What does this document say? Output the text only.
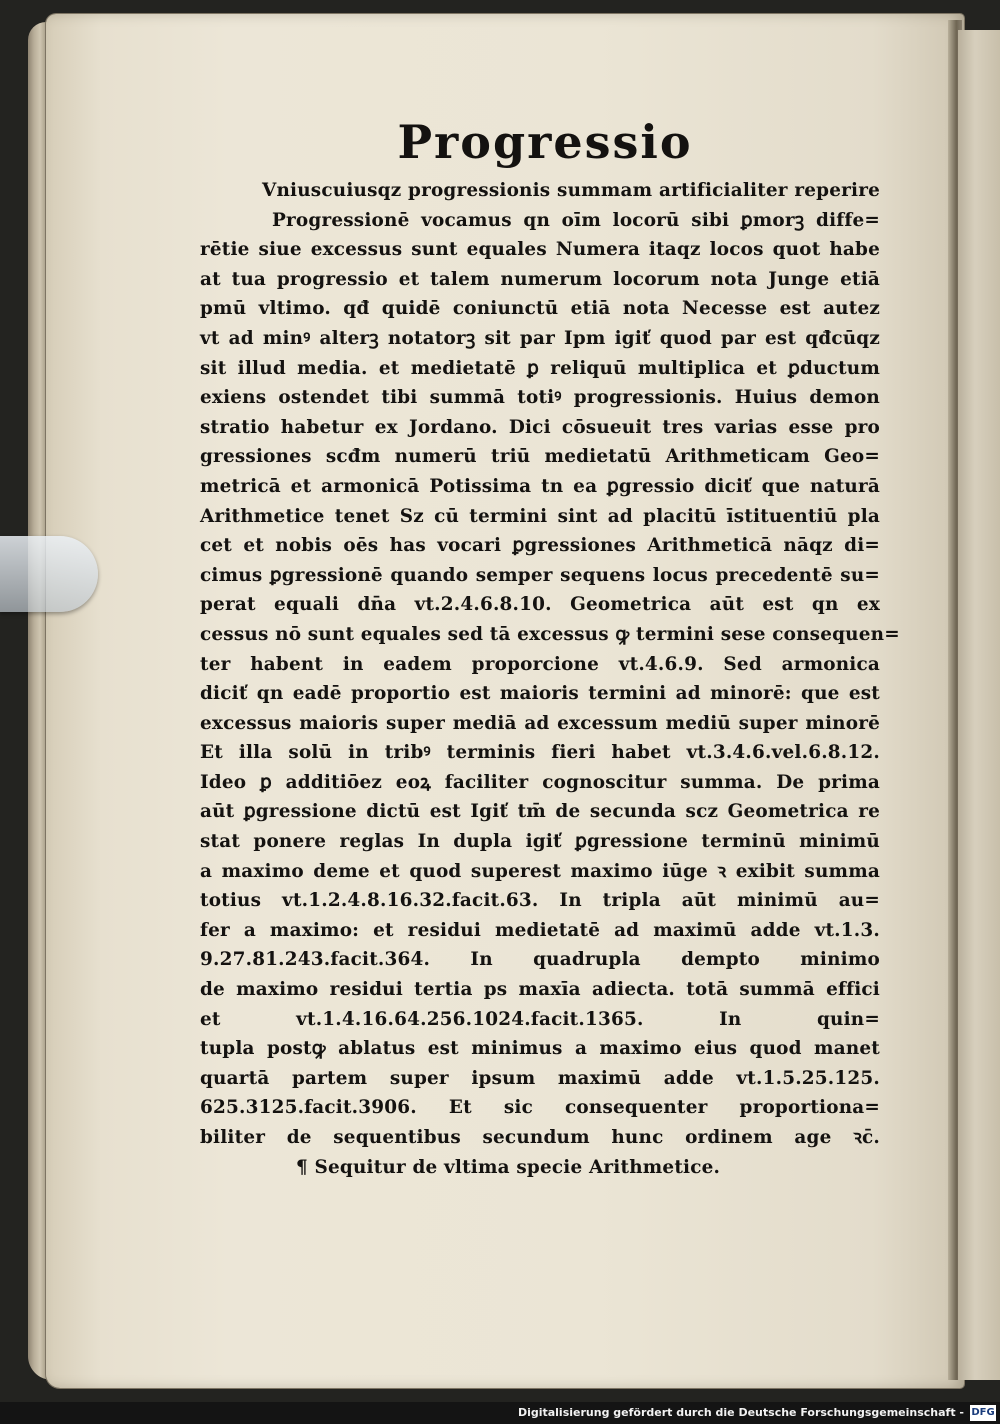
Progressio
Vniuscuiusqz progressionis summam artificialiter reperire
Progressionē vocamus qn oīm locorū sibi ꝑmorꝫ diffe=
rētie siue excessus sunt equales Numera itaqz locos quot habe
at tua progressio et talem numerum locorum nota Junge etiā
pmū vltimo. qđ quidē coniunctū etiā nota Necesse est autez
vt ad minꝰ alterꝫ notatorꝫ sit par Ipm igiť quod par est qđcūqz
sit illud media. et medietatē ꝑ reliquū multiplica et ꝑductum
exiens ostendet tibi summā totiꝰ progressionis. Huius demon
stratio habetur ex Jordano. Dici cōsueuit tres varias esse pro
gressiones scđm numerū triū medietatū Arithmeticam Geo=
metricā et armonicā Potissima tn ea ꝑgressio diciť que naturā
Arithmetice tenet Sz cū termini sint ad placitū īstituentiū pla
cet et nobis oēs has vocari ꝑgressiones Arithmeticā nāqz di=
cimus ꝑgressionē quando semper sequens locus precedentē su=
perat equali dn̄a vt.2.4.6.8.10. Geometrica aūt est qn ex
cessus nō sunt equales sed tā excessus ꝙ termini sese consequen=
ter habent in eadem proporcione vt.4.6.9. Sed armonica
diciť qn eadē proportio est maioris termini ad minorē: que est
excessus maioris super mediā ad excessum mediū super minorē
Et illa solū in tribꝰ terminis fieri habet vt.3.4.6.vel.6.8.12.
Ideo ꝑ additiōez eoꝝ faciliter cognoscitur summa. De prima
aūt ꝑgressione dictū est Igiť tm̄ de secunda scz Geometrica re
stat ponere reglas In dupla igiť ꝑgressione terminū minimū
a maximo deme et quod superest maximo iūge ꝛ exibit summa
totius vt.1.2.4.8.16.32.facit.63. In tripla aūt minimū au=
fer a maximo: et residui medietatē ad maximū adde vt.1.3.
9.27.81.243.facit.364. In quadrupla dempto minimo
de maximo residui tertia ps maxīa adiecta. totā summā effici
et vt.1.4.16.64.256.1024.facit.1365. In quin=
tupla postꝙ ablatus est minimus a maximo eius quod manet
quartā partem super ipsum maximū adde vt.1.5.25.125.
625.3125.facit.3906. Et sic consequenter proportiona=
biliter de sequentibus secundum hunc ordinem age ꝛc̄.
¶ Sequitur de vltima specie Arithmetice.
Digitalisierung gefördert durch die Deutsche Forschungsgemeinschaft - DFG
